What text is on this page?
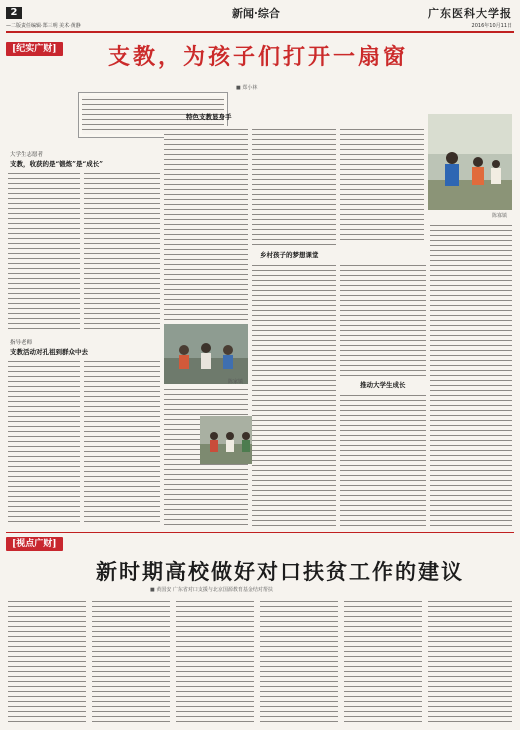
2	新闻·综合	广东医科大学报
—二版责任编辑·郑三明 美术·黄静	2016年10月11日
[纪实广财] 支教，为孩子们打开一扇窗
■ 郑小林
大学生志愿者
支教，收获的是“锻炼”是“成长”
指导老师
支教活动对孔祖到群众中去
特色支教显身手
陈家镇
乡村孩子的梦想课堂
推动大学生成长
陈寡镇
[视点广财]
新时期高校做好对口扶贫工作的建议
■ 黄国安 广东省对口支援与北京国源教育基金结对帮扶
